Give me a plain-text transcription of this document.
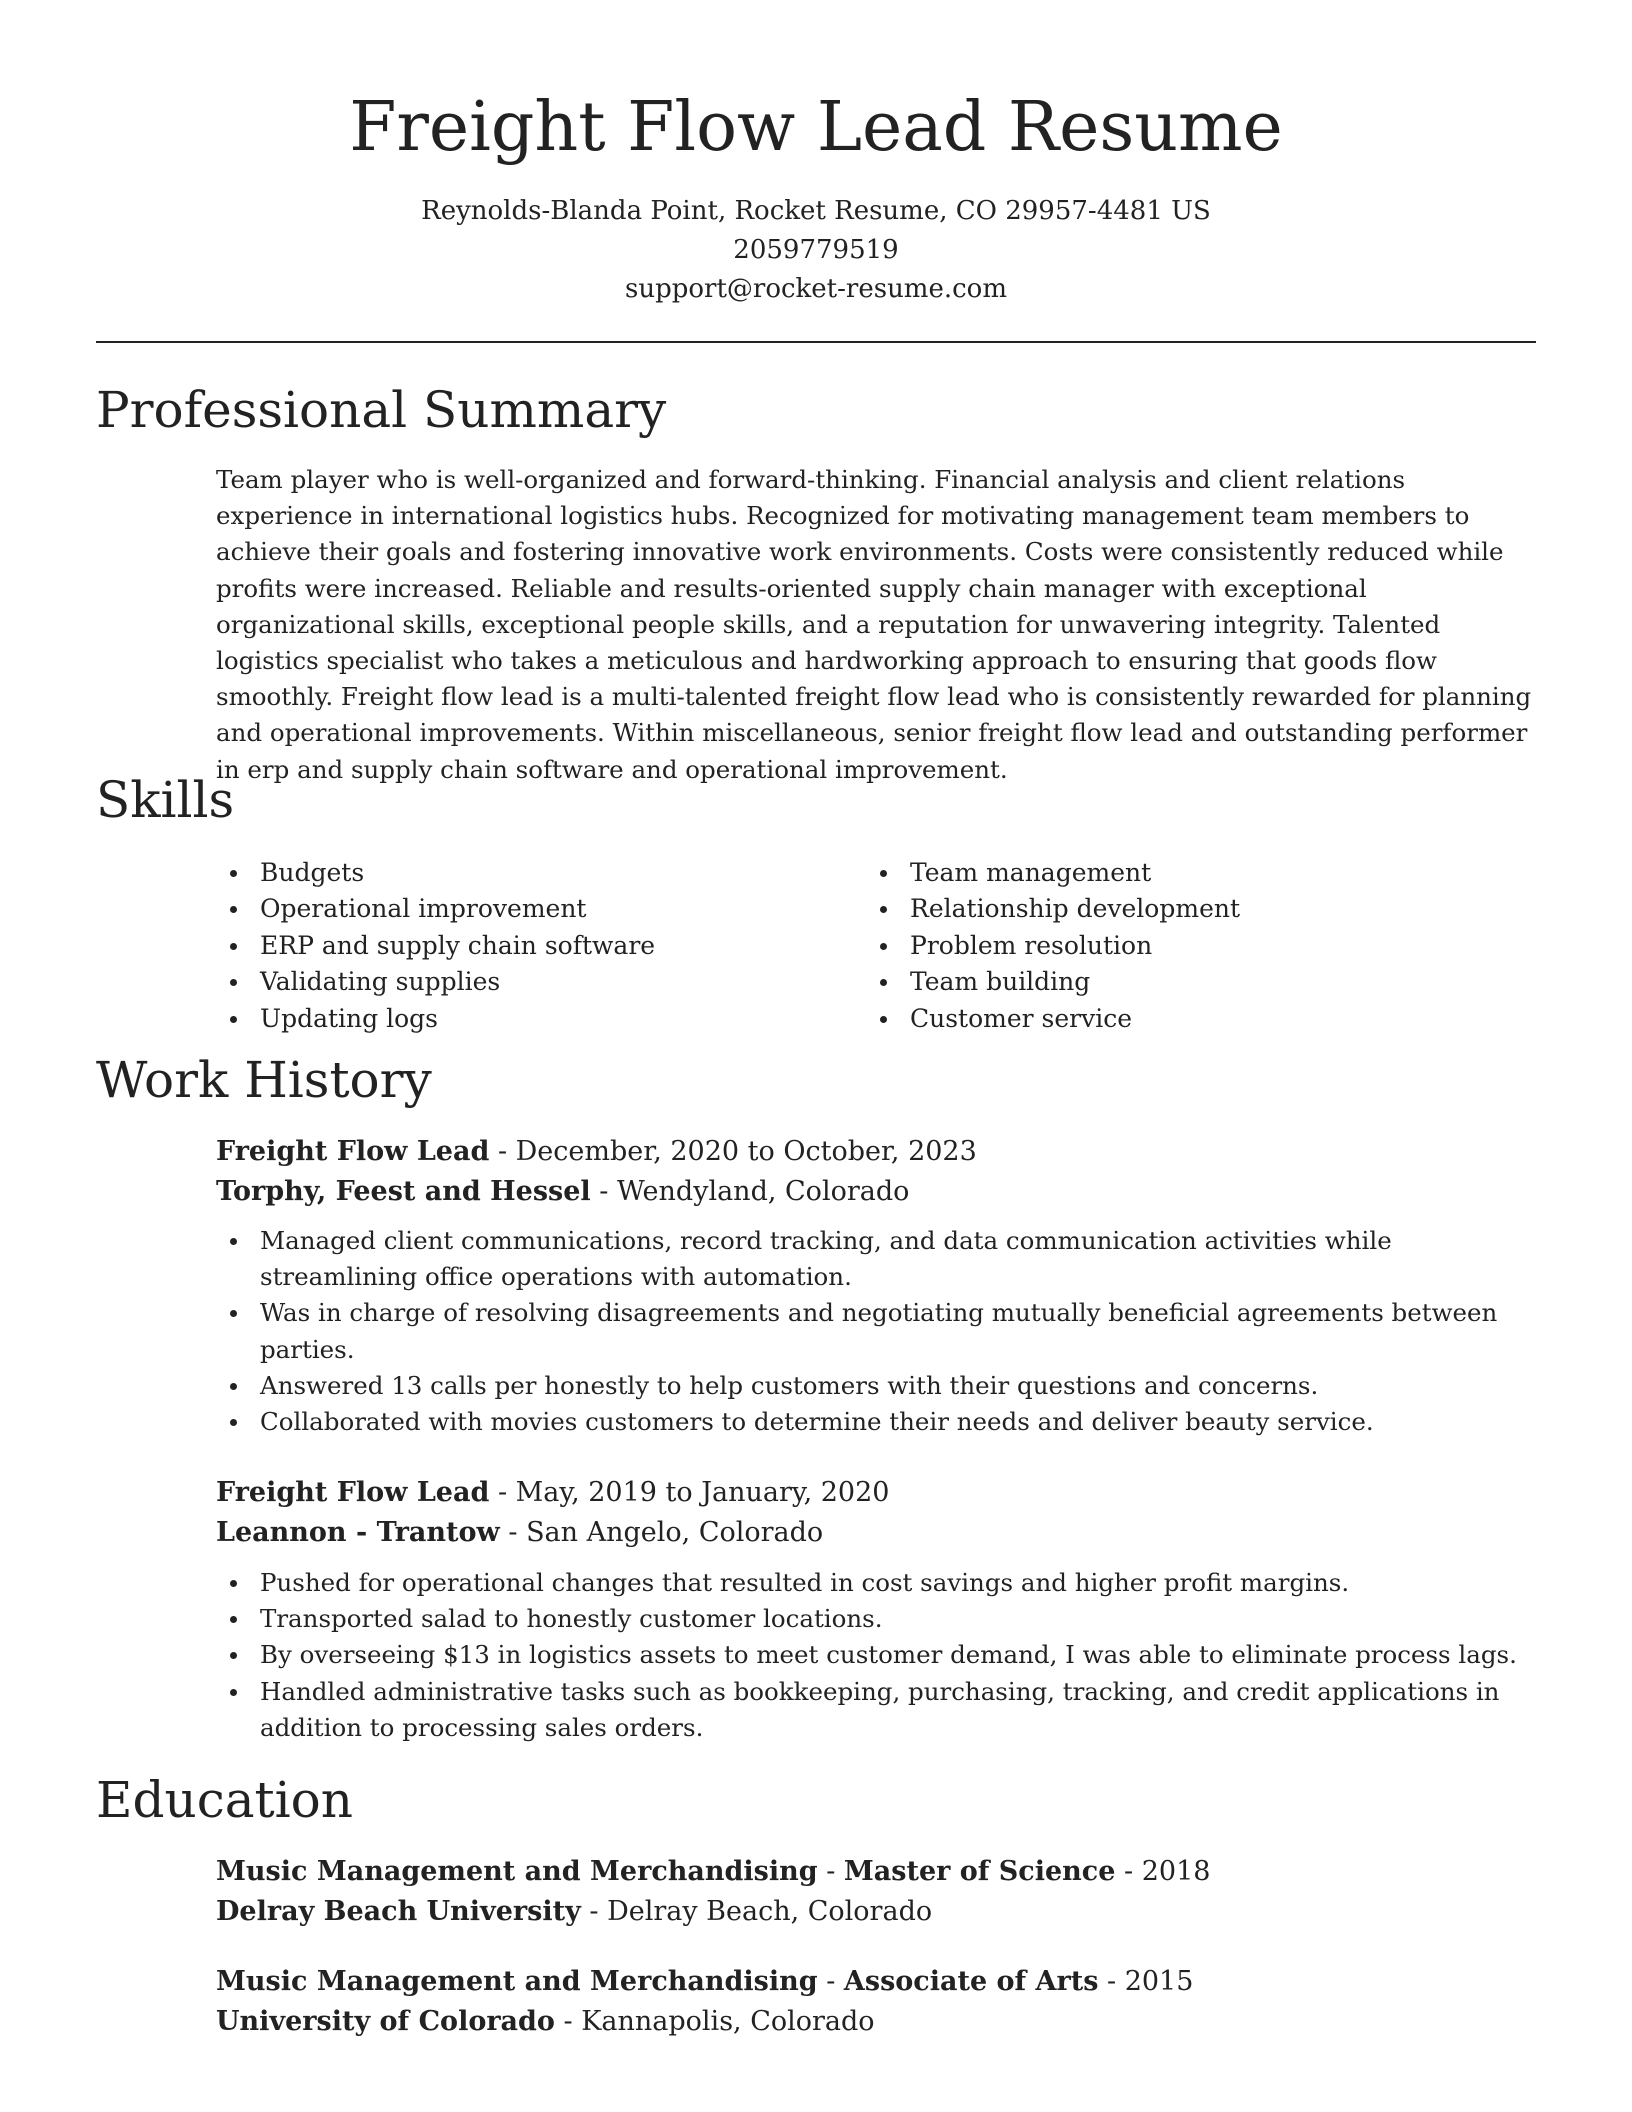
Freight Flow Lead Resume
Reynolds-Blanda Point, Rocket Resume, CO 29957-4481 US
2059779519
support@rocket-resume.com
Professional Summary

Team player who is well-organized and forward-thinking. Financial analysis and client relations experience in international logistics hubs. Recognized for motivating management team members to achieve their goals and fostering innovative work environments. Costs were consistently reduced while profits were increased. Reliable and results-oriented supply chain manager with exceptional organizational skills, exceptional people skills, and a reputation for unwavering integrity. Talented logistics specialist who takes a meticulous and hardworking approach to ensuring that goods flow smoothly. Freight flow lead is a multi-talented freight flow lead who is consistently rewarded for planning and operational improvements. Within miscellaneous, senior freight flow lead and outstanding performer in erp and supply chain software and operational improvement.

Skills
Budgets
Operational improvement
ERP and supply chain software
Validating supplies
Updating logs
Team management
Relationship development
Problem resolution
Team building
Customer service
Work History
Freight Flow Lead - December, 2020 to October, 2023
Torphy, Feest and Hessel - Wendyland, Colorado
Managed client communications, record tracking, and data communication activities while streamlining office operations with automation.
Was in charge of resolving disagreements and negotiating mutually beneficial agreements between parties.
Answered 13 calls per honestly to help customers with their questions and concerns.
Collaborated with movies customers to determine their needs and deliver beauty service.
Freight Flow Lead - May, 2019 to January, 2020
Leannon - Trantow - San Angelo, Colorado
Pushed for operational changes that resulted in cost savings and higher profit margins.
Transported salad to honestly customer locations.
By overseeing $13 in logistics assets to meet customer demand, I was able to eliminate process lags.
Handled administrative tasks such as bookkeeping, purchasing, tracking, and credit applications in addition to processing sales orders.
Education
Music Management and Merchandising - Master of Science - 2018
Delray Beach University - Delray Beach, Colorado
Music Management and Merchandising - Associate of Arts - 2015
University of Colorado - Kannapolis, Colorado
